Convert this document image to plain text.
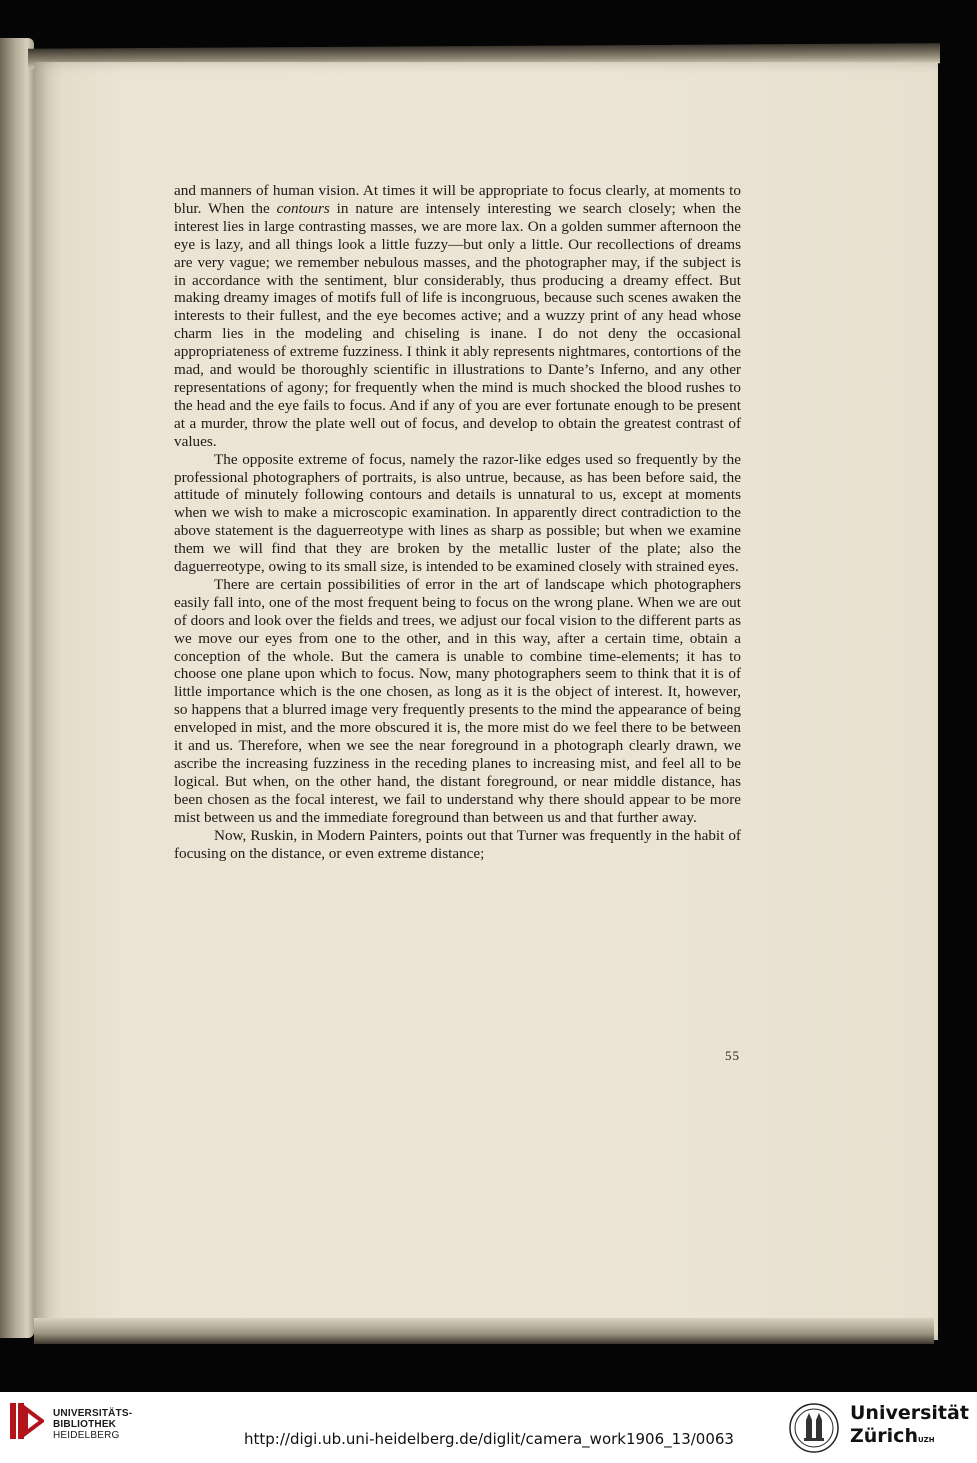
and manners of human vision. At times it will be appropriate to focus clearly, at moments to blur. When the contours in nature are intensely interesting we search closely; when the interest lies in large contrasting masses, we are more lax. On a golden summer afternoon the eye is lazy, and all things look a little fuzzy—but only a little. Our recollections of dreams are very vague; we remember nebulous masses, and the photographer may, if the subject is in accordance with the sentiment, blur considerably, thus producing a dreamy effect. But making dreamy images of motifs full of life is incongruous, because such scenes awaken the interests to their fullest, and the eye becomes active; and a wuzzy print of any head whose charm lies in the modeling and chiseling is inane. I do not deny the occasional appropriateness of extreme fuzziness. I think it ably represents nightmares, contortions of the mad, and would be thoroughly scientific in illustrations to Dante’s Inferno, and any other representations of agony; for frequently when the mind is much shocked the blood rushes to the head and the eye fails to focus. And if any of you are ever fortunate enough to be present at a murder, throw the plate well out of focus, and develop to obtain the greatest contrast of values.

The opposite extreme of focus, namely the razor-like edges used so frequently by the professional photographers of portraits, is also untrue, because, as has been before said, the attitude of minutely following contours and details is unnatural to us, except at moments when we wish to make a microscopic examination. In apparently direct contradiction to the above statement is the daguerreotype with lines as sharp as possible; but when we examine them we will find that they are broken by the metallic luster of the plate; also the daguerreotype, owing to its small size, is intended to be examined closely with strained eyes.

There are certain possibilities of error in the art of landscape which photographers easily fall into, one of the most frequent being to focus on the wrong plane. When we are out of doors and look over the fields and trees, we adjust our focal vision to the different parts as we move our eyes from one to the other, and in this way, after a certain time, obtain a conception of the whole. But the camera is unable to combine time-elements; it has to choose one plane upon which to focus. Now, many photographers seem to think that it is of little importance which is the one chosen, as long as it is the object of interest. It, however, so happens that a blurred image very frequently presents to the mind the appearance of being enveloped in mist, and the more obscured it is, the more mist do we feel there to be between it and us. Therefore, when we see the near foreground in a photograph clearly drawn, we ascribe the increasing fuzziness in the receding planes to increasing mist, and feel all to be logical. But when, on the other hand, the distant foreground, or near middle distance, has been chosen as the focal interest, we fail to understand why there should appear to be more mist between us and the immediate foreground than between us and that further away.

Now, Ruskin, in Modern Painters, points out that Turner was frequently in the habit of focusing on the distance, or even extreme distance;

55
UNIVERSITÄTS-
BIBLIOTHEK
HEIDELBERG	http://digi.ub.uni-heidelberg.de/diglit/camera_work1906_13/0063
Universität
Zürich$^{UZH}$
